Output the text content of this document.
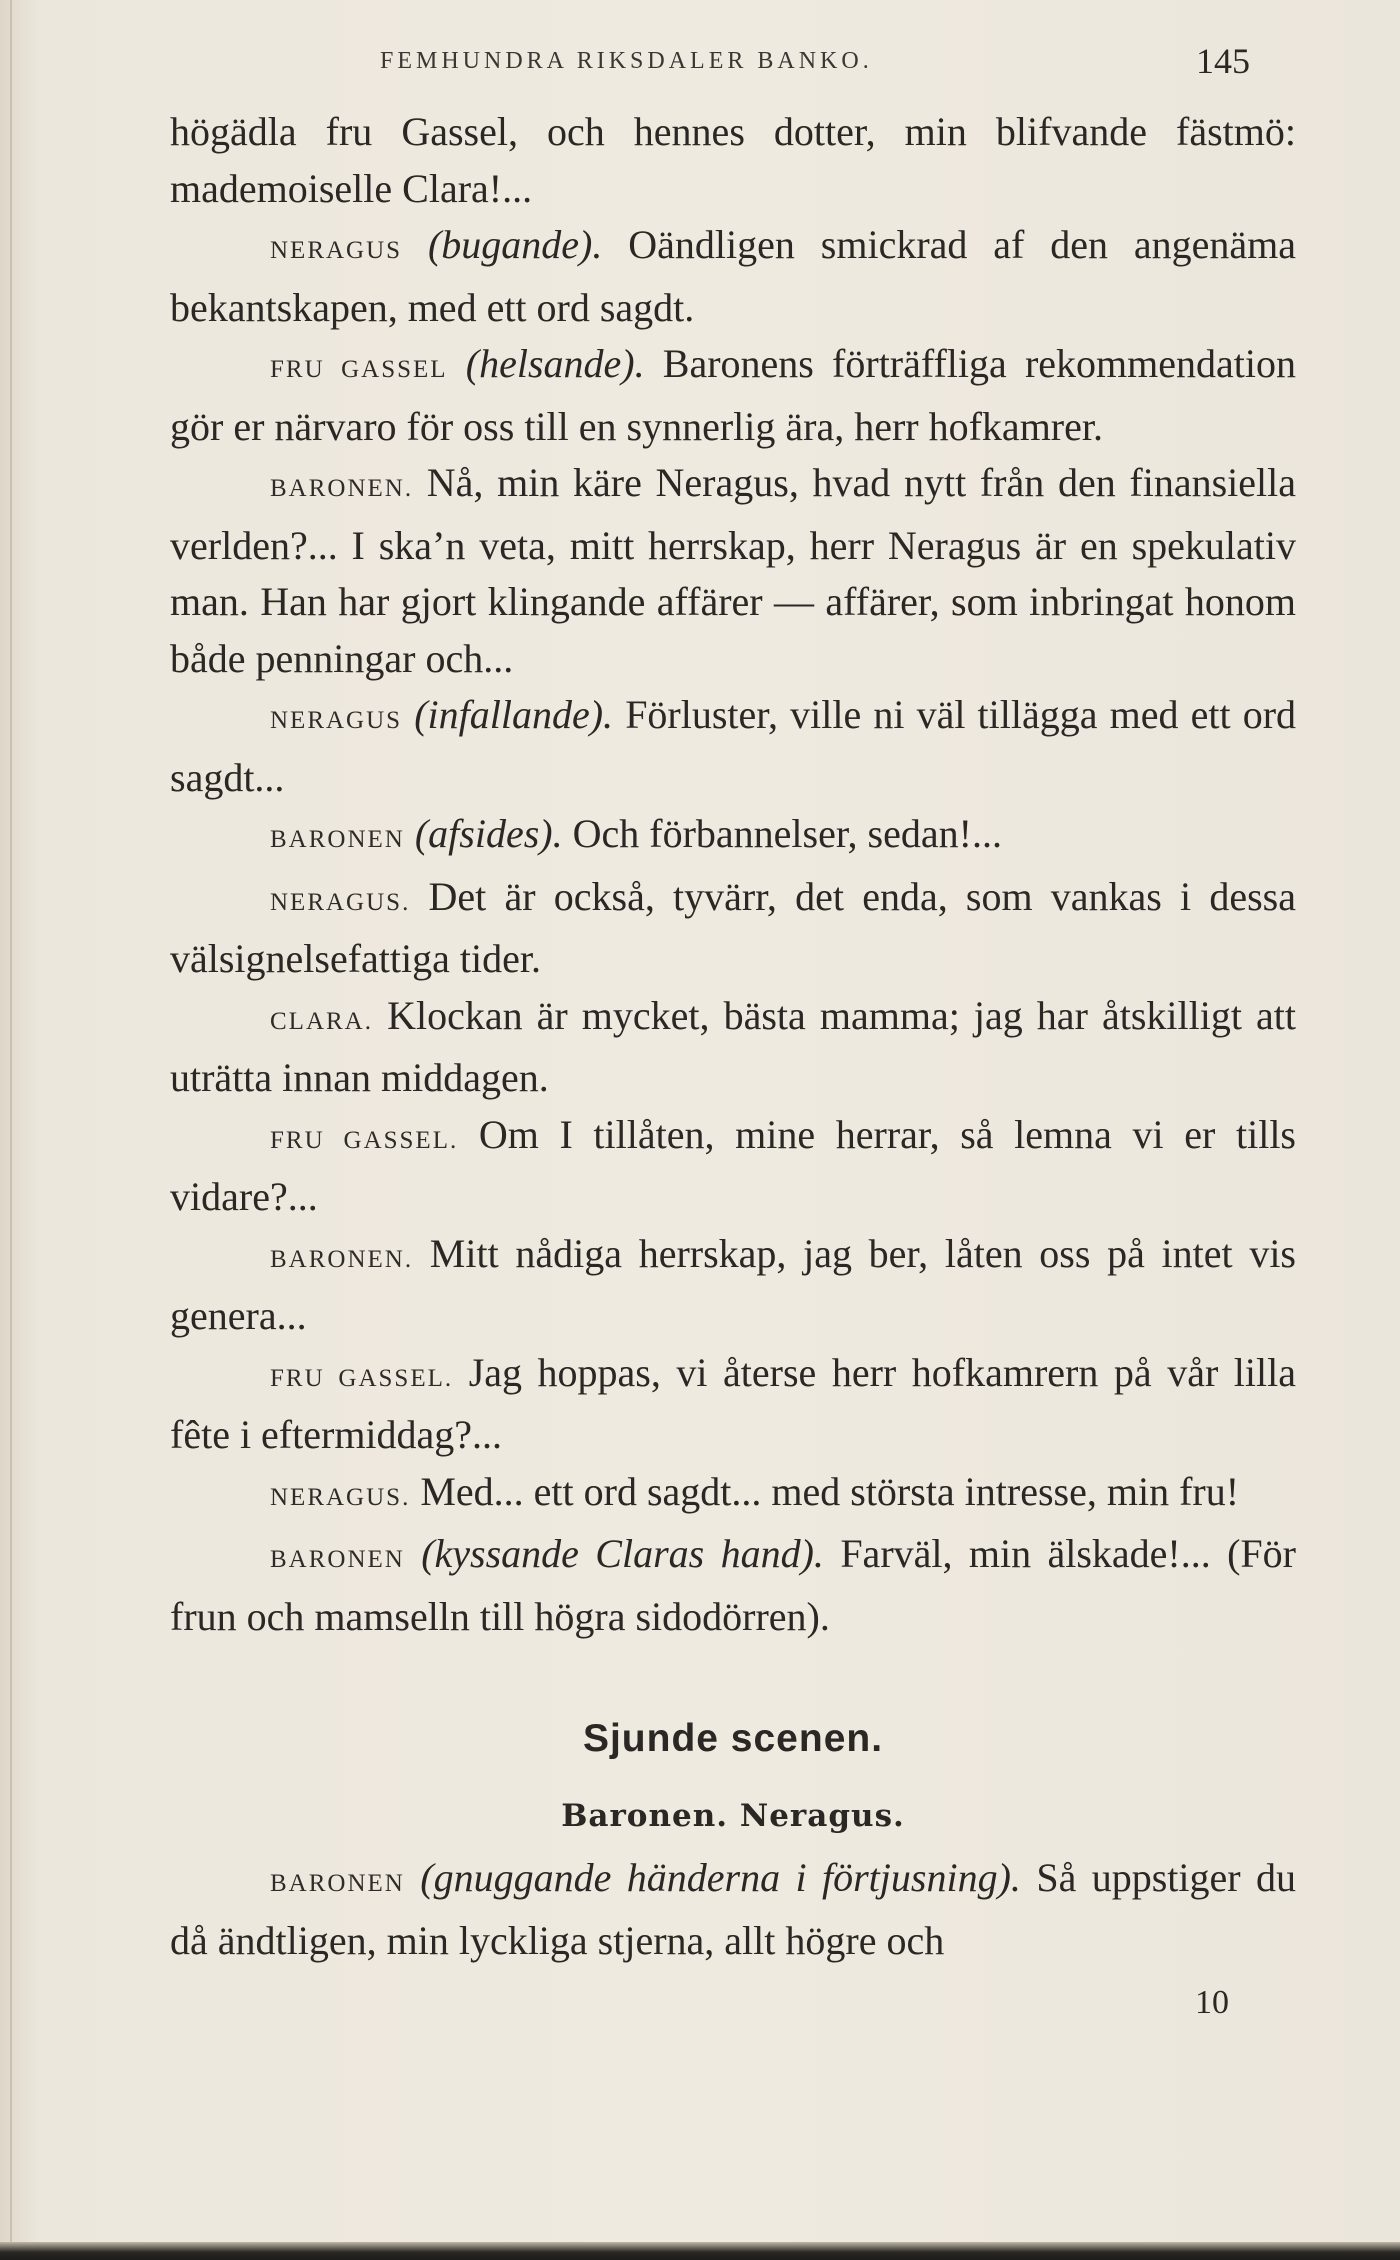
FEMHUNDRA RIKSDALER BANKO.	145

högädla fru Gassel, och hennes dotter, min blifvande fästmö: mademoiselle Clara!...

NERAGUS (bugande). Oändligen smickrad af den angenäma bekantskapen, med ett ord sagdt.

FRU GASSEL (helsande). Baronens förträffliga rekommendation gör er närvaro för oss till en synnerlig ära, herr hofkamrer.

BARONEN. Nå, min käre Neragus, hvad nytt från den finansiella verlden?... I ska’n veta, mitt herrskap, herr Neragus är en spekulativ man. Han har gjort klingande affärer — affärer, som inbringat honom både penningar och...

NERAGUS (infallande). Förluster, ville ni väl tillägga med ett ord sagdt...

BARONEN (afsides). Och förbannelser, sedan!...

NERAGUS. Det är också, tyvärr, det enda, som vankas i dessa välsignelsefattiga tider.

CLARA. Klockan är mycket, bästa mamma; jag har åtskilligt att uträtta innan middagen.

FRU GASSEL. Om I tillåten, mine herrar, så lemna vi er tills vidare?...

BARONEN. Mitt nådiga herrskap, jag ber, låten oss på intet vis genera...

FRU GASSEL. Jag hoppas, vi återse herr hofkamrern på vår lilla fête i eftermiddag?...

NERAGUS. Med... ett ord sagdt... med största intresse, min fru!

BARONEN (kyssande Claras hand). Farväl, min älskade!... (För frun och mamselln till högra sidodörren).

Sjunde scenen.
Baronen. Neragus.

BARONEN (gnuggande händerna i förtjusning). Så uppstiger du då ändtligen, min lyckliga stjerna, allt högre och

10
